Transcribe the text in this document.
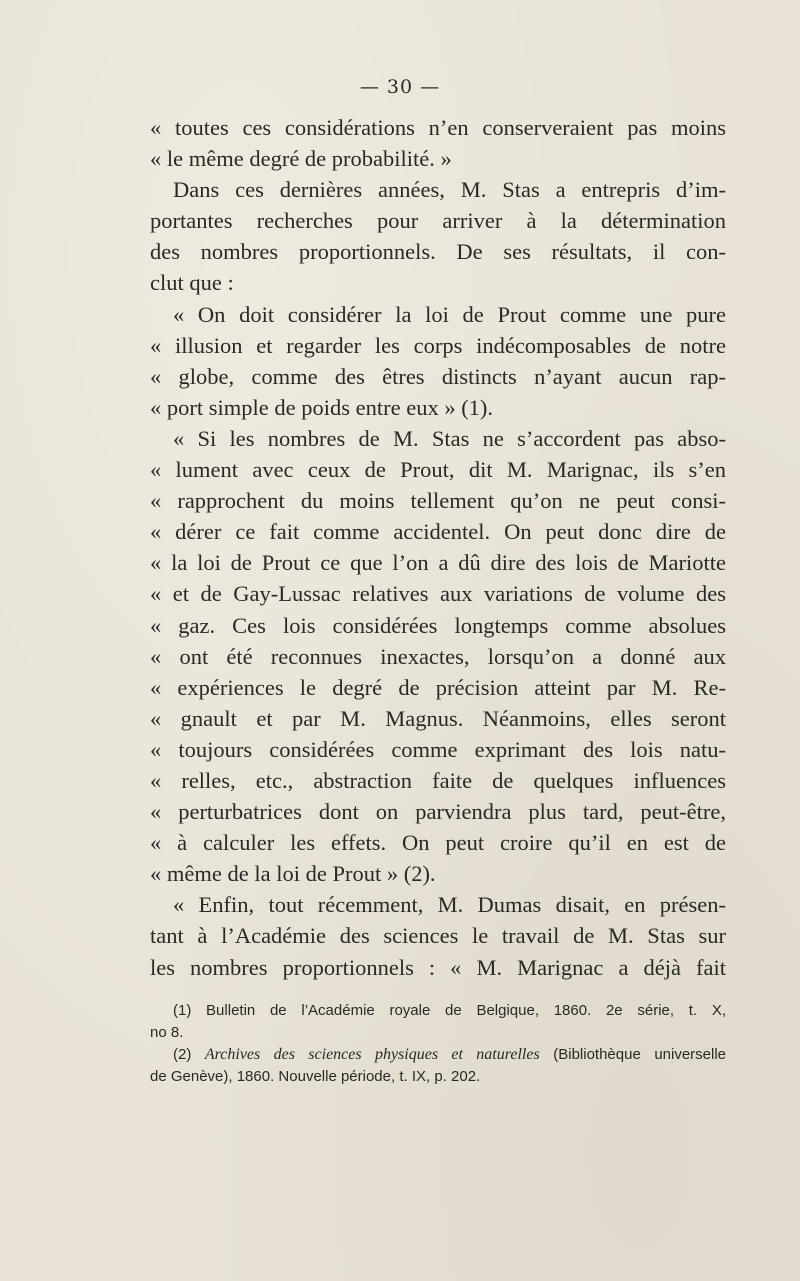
— 30 —
« toutes ces considérations n’en conserveraient pas moins
« le même degré de probabilité. »
Dans ces dernières années, M. Stas a entrepris d’im-
portantes recherches pour arriver à la détermination
des nombres proportionnels. De ses résultats, il con-
clut que :
« On doit considérer la loi de Prout comme une pure
« illusion et regarder les corps indécomposables de notre
« globe, comme des êtres distincts n’ayant aucun rap-
« port simple de poids entre eux » (1).
« Si les nombres de M. Stas ne s’accordent pas abso-
« lument avec ceux de Prout, dit M. Marignac, ils s’en
« rapprochent du moins tellement qu’on ne peut consi-
« dérer ce fait comme accidentel. On peut donc dire de
« la loi de Prout ce que l’on a dû dire des lois de Mariotte
« et de Gay-Lussac relatives aux variations de volume des
« gaz. Ces lois considérées longtemps comme absolues
« ont été reconnues inexactes, lorsqu’on a donné aux
« expériences le degré de précision atteint par M. Re-
« gnault et par M. Magnus. Néanmoins, elles seront
« toujours considérées comme exprimant des lois natu-
« relles, etc., abstraction faite de quelques influences
« perturbatrices dont on parviendra plus tard, peut-être,
« à calculer les effets. On peut croire qu’il en est de
« même de la loi de Prout » (2).
« Enfin, tout récemment, M. Dumas disait, en présen-
tant à l’Académie des sciences le travail de M. Stas sur
les nombres proportionnels : « M. Marignac a déjà fait
(1) Bulletin de l’Académie royale de Belgique, 1860. 2e série, t. X,
no 8.
(2) Archives des sciences physiques et naturelles (Bibliothèque universelle
de Genève), 1860. Nouvelle période, t. IX, p. 202.
